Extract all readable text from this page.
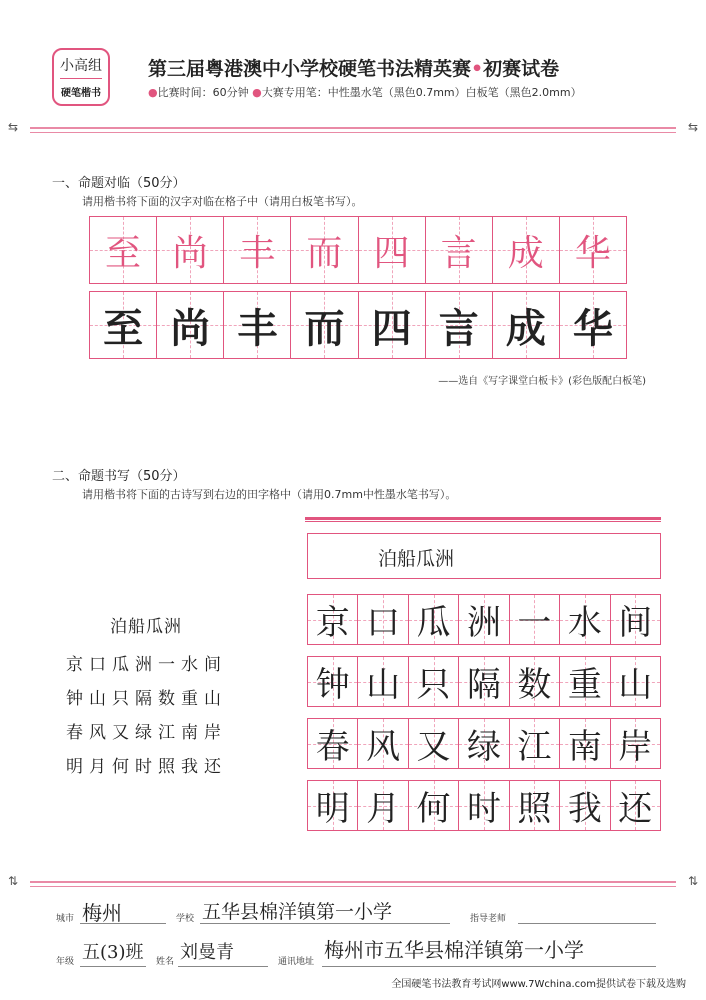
小高组
硬笔楷书
第三届粤港澳中小学校硬笔书法精英赛•初赛试卷
●比赛时间：60分钟 ●大赛专用笔：中性墨水笔（黑色0.7mm）白板笔（黑色2.0mm）
⇆	⇆
一、命题对临（50分）
请用楷书将下面的汉字对临在格子中（请用白板笔书写）。
至 尚 丰 而 四 言 成 华
至 尚 丰 而 四 言 成 华
——选自《写字课堂白板卡》(彩色版配白板笔)
二、命题书写（50分）
请用楷书将下面的古诗写到右边的田字格中（请用0.7mm中性墨水笔书写）。
泊船瓜洲
京口瓜洲一水间
钟山只隔数重山
春风又绿江南岸
明月何时照我还
泊船瓜洲
京 口 瓜 洲 一 水 间
钟 山 只 隔 数 重 山
春 风 又 绿 江 南 岸
明 月 何 时 照 我 还
⇅	⇅
城市 梅州	学校 五华县棉洋镇第一小学	指导老师
年级 五(3)班 姓名 刘曼青	通讯地址 梅州市五华县棉洋镇第一小学
全国硬笔书法教育考试网www.7Wchina.com提供试卷下载及选购
